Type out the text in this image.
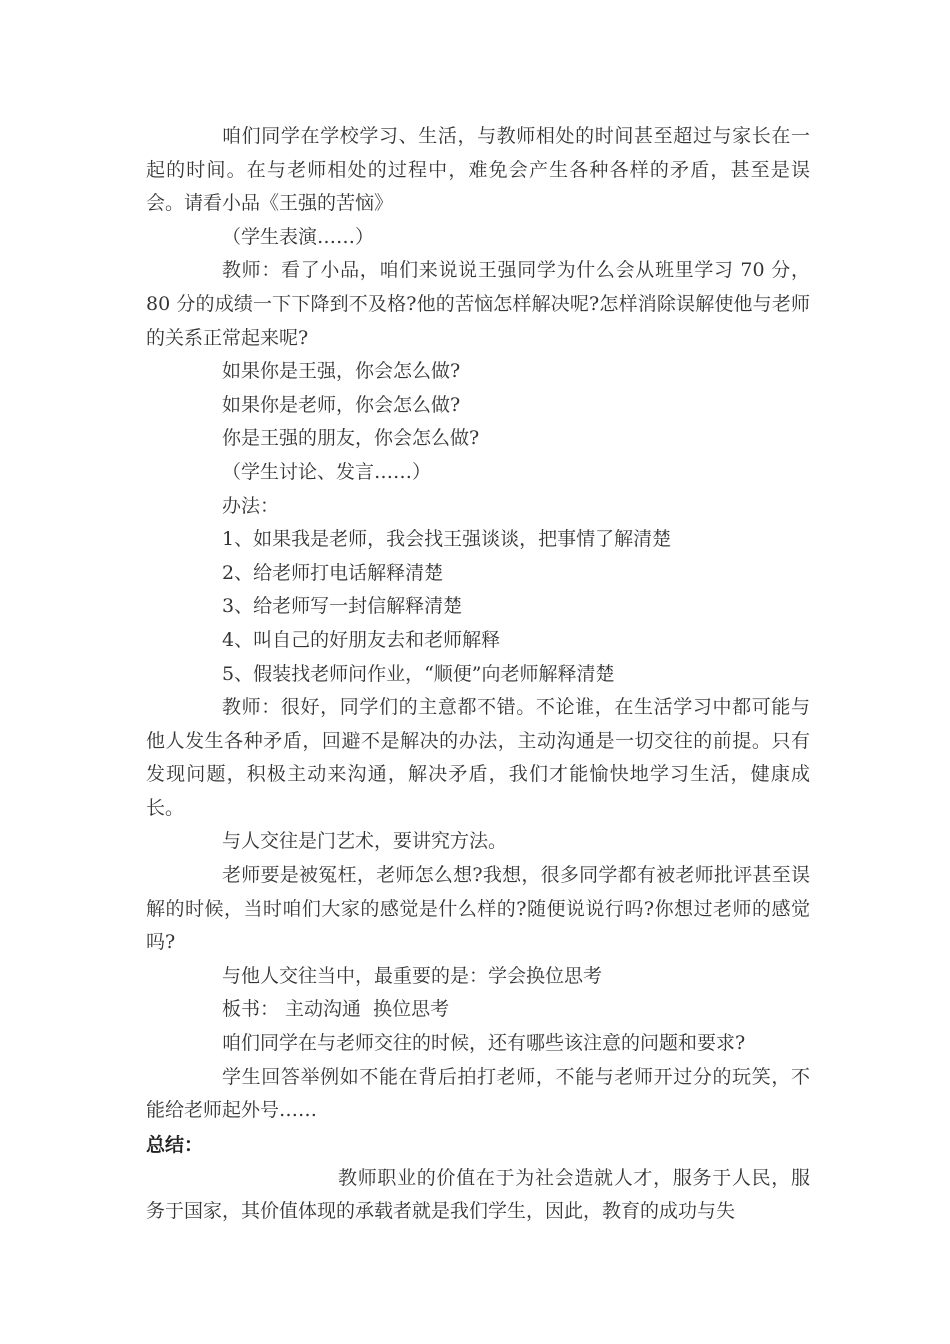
咱们同学在学校学习、生活，与教师相处的时间甚至超过与家长在一起的时间。在与老师相处的过程中，难免会产生各种各样的矛盾，甚至是误会。请看小品《王强的苦恼》

（学生表演……）

教师：看了小品，咱们来说说王强同学为什么会从班里学习 70 分，80 分的成绩一下下降到不及格?他的苦恼怎样解决呢?怎样消除误解使他与老师的关系正常起来呢?

如果你是王强，你会怎么做?

如果你是老师，你会怎么做?

你是王强的朋友，你会怎么做?

（学生讨论、发言……）

办法：

1、如果我是老师，我会找王强谈谈，把事情了解清楚

2、给老师打电话解释清楚

3、给老师写一封信解释清楚

4、叫自己的好朋友去和老师解释

5、假装找老师问作业，“顺便”向老师解释清楚

教师：很好，同学们的主意都不错。不论谁，在生活学习中都可能与他人发生各种矛盾，回避不是解决的办法，主动沟通是一切交往的前提。只有发现问题，积极主动来沟通，解决矛盾，我们才能愉快地学习生活，健康成长。

与人交往是门艺术，要讲究方法。

老师要是被冤枉，老师怎么想?我想，很多同学都有被老师批评甚至误解的时候，当时咱们大家的感觉是什么样的?随便说说行吗?你想过老师的感觉吗?

与他人交往当中，最重要的是：学会换位思考

板书： 主动沟通  换位思考

咱们同学在与老师交往的时候，还有哪些该注意的问题和要求?

学生回答举例如不能在背后拍打老师，不能与老师开过分的玩笑，不能给老师起外号……

总结：

教师职业的价值在于为社会造就人才，服务于人民，服务于国家，其价值体现的承载者就是我们学生，因此，教育的成功与失
